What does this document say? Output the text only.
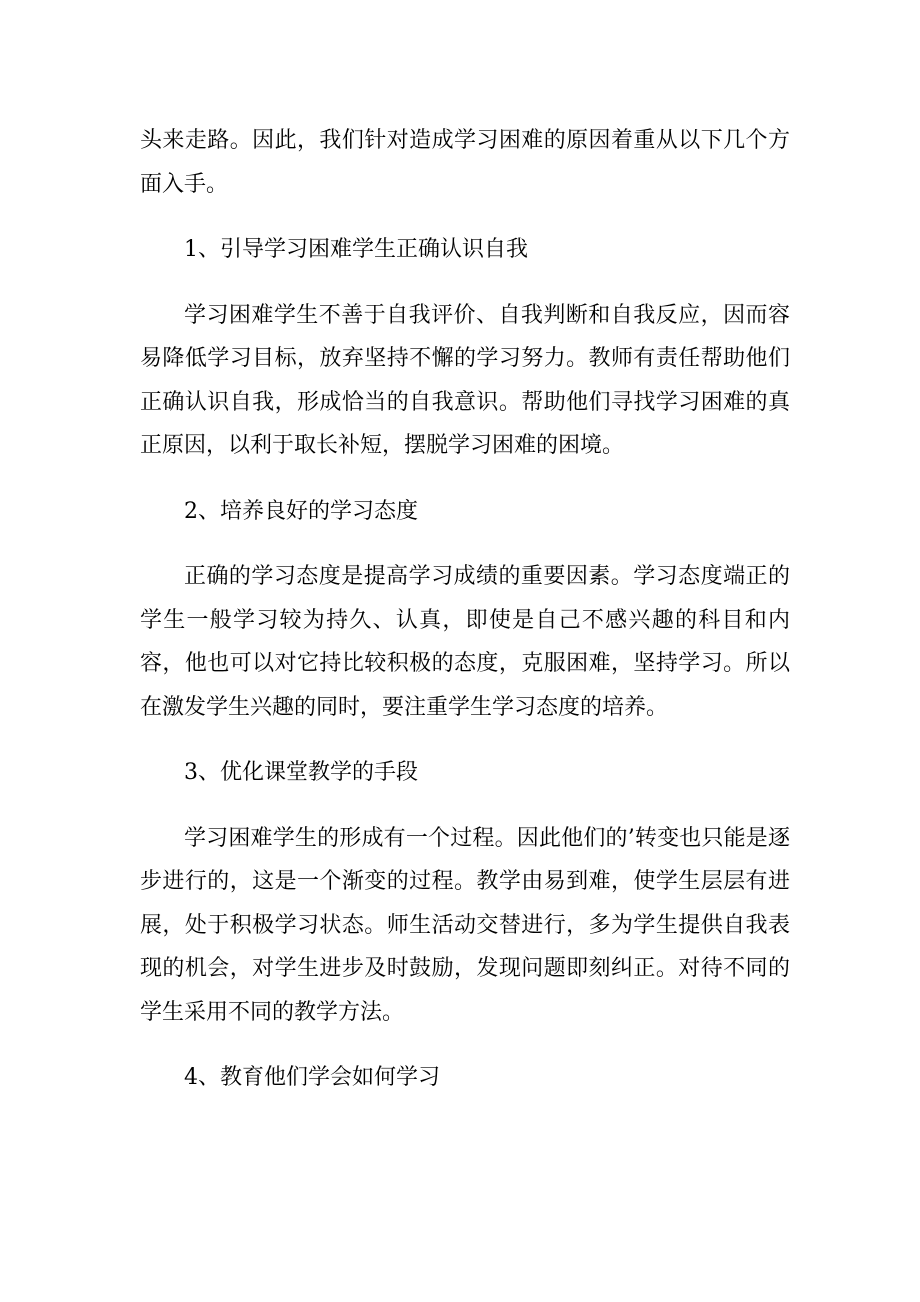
头来走路。因此，我们针对造成学习困难的原因着重从以下几个方面入手。

1、引导学习困难学生正确认识自我

学习困难学生不善于自我评价、自我判断和自我反应，因而容易降低学习目标，放弃坚持不懈的学习努力。教师有责任帮助他们正确认识自我，形成恰当的自我意识。帮助他们寻找学习困难的真正原因，以利于取长补短，摆脱学习困难的困境。

2、培养良好的学习态度

正确的学习态度是提高学习成绩的重要因素。学习态度端正的学生一般学习较为持久、认真，即使是自己不感兴趣的科目和内容，他也可以对它持比较积极的态度，克服困难，坚持学习。所以在激发学生兴趣的同时，要注重学生学习态度的培养。

3、优化课堂教学的手段

学习困难学生的形成有一个过程。因此他们的’转变也只能是逐步进行的，这是一个渐变的过程。教学由易到难，使学生层层有进展，处于积极学习状态。师生活动交替进行，多为学生提供自我表现的机会，对学生进步及时鼓励，发现问题即刻纠正。对待不同的学生采用不同的教学方法。

4、教育他们学会如何学习
